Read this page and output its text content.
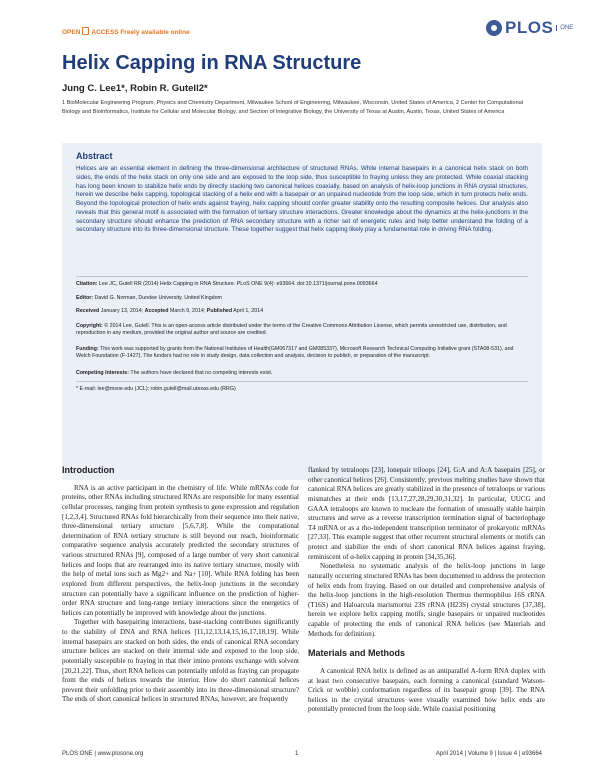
OPEN ACCESS Freely available online	PLOS	ONE
Helix Capping in RNA Structure
Jung C. Lee1*, Robin R. Gutell2*
1 BioMolecular Engineering Program, Physics and Chemistry Department, Milwaukee School of Engineering, Milwaukee, Wisconsin, United States of America, 2 Center for Computational Biology and Bioinformatics, Institute for Cellular and Molecular Biology, and Section of Integrative Biology, the University of Texas at Austin, Austin, Texas, United States of America
Abstract

Helices are an essential element in defining the three-dimensional architecture of structured RNAs. While internal basepairs in a canonical helix stack on both sides, the ends of the helix stack on only one side and are exposed to the loop side, thus susceptible to fraying unless they are protected. While coaxial stacking has long been known to stabilize helix ends by directly stacking two canonical helices coaxially, based on analysis of helix-loop junctions in RNA crystal structures, herein we describe helix capping, topological stacking of a helix end with a basepair or an unpaired nucleotide from the loop side, which in turn protects helix ends. Beyond the topological protection of helix ends against fraying, helix capping should confer greater stability onto the resulting composite helices. Our analysis also reveals that this general motif is associated with the formation of tertiary structure interactions. Greater knowledge about the dynamics at the helix-junctions in the secondary structure should enhance the prediction of RNA secondary structure with a richer set of energetic rules and help better understand the folding of a secondary structure into its three-dimensional structure. These together suggest that helix capping likely play a fundamental role in driving RNA folding.

Citation: Lee JC, Gutell RR (2014) Helix Capping in RNA Structure. PLoS ONE 9(4): e93664. doi:10.1371/journal.pone.0093664

Editor: David G. Norman, Dundee University, United Kingdom

Received January 13, 2014; Accepted March 9, 2014; Published April 1, 2014

Copyright: © 2014 Lee, Gutell. This is an open-access article distributed under the terms of the Creative Commons Attribution License, which permits unrestricted use, distribution, and reproduction in any medium, provided the original author and source are credited.

Funding: This work was supported by grants from the National Institutes of Health(GM067317 and GM085337), Microsoft Research Technical Computing Initiative grant (STA08-531), and Welch Foundation (F-1427). The funders had no role in study design, data collection and analysis, decision to publish, or preparation of the manuscript.

Competing Interests: The authors have declared that no competing interests exist.

* E-mail: lee@msoe.edu (JCL); robin.gutell@mail.utexas.edu (RRG)

Introduction

RNA is an active participant in the chemistry of life. While mRNAs code for proteins, other RNAs including structured RNAs are responsible for many essential cellular processes, ranging from protein synthesis to gene expression and regulation [1,2,3,4]. Structured RNAs fold hierarchically from their sequence into their native, three-dimensional tertiary structure [5,6,7,8]. While the computational determination of RNA tertiary structure is still beyond our reach, bioinformatic comparative sequence analysis accurately predicted the secondary structures of various structured RNAs [9], composed of a large number of very short canonical helices and loops that are rearranged into its native tertiary structure, mostly with the help of metal ions such as Mg2+ and Na+ [10]. While RNA folding has been explored from different perspectives, the helix-loop junctions in the secondary structure can potentially have a significant influence on the prediction of higher-order RNA structure and long-range tertiary interactions since the energetics of helices can potentially be improved with knowledge about the junctions.

Together with basepairing interactions, base-stacking contributes significantly to the stability of DNA and RNA helices [11,12,13,14,15,16,17,18,19]. While internal basepairs are stacked on both sides, the ends of canonical RNA secondary structure helices are stacked on their internal side and exposed to the loop side, potentially susceptible to fraying in that their imino protons exchange with solvent [20,21,22]. Thus, short RNA helices can potentially unfold as fraying can propagate from the ends of helices towards the interior. How do short canonical helices prevent their unfolding prior to their assembly into its three-dimensional structure? The ends of short canonical helices in structured RNAs, however, are frequently

flanked by tetraloops [23], lonepair triloops [24], G:A and A:A basepairs [25], or other canonical helices [26]. Consistently, previous melting studies have shown that canonical RNA helices are greatly stabilized in the presence of tetraloops or various mismatches at their ends [13,17,27,28,29,30,31,32]. In particular, UUCG and GAAA tetraloops are known to nucleate the formation of unusually stable hairpin structures and serve as a reverse transcription termination signal of bacteriophage T4 mRNA or as a rho-independent transcription terminator of prokaryotic mRNAs [27,33]. This example suggest that other recurrent structural elements or motifs can protect and stabilize the ends of short canonical RNA helices against fraying, reminiscent of α-helix capping in protein [34,35,36].

Nonetheless no systematic analysis of the helix-loop junctions in large naturally occurring structured RNAs has been documented to address the protection of helix ends from fraying. Based on our detailed and comprehensive analysis of the helix-loop junctions in the high-resolution Thermus thermophilus 16S rRNA (T16S) and Haloarcula marismortui 23S rRNA (H23S) crystal structures [37,38], herein we explore helix capping motifs, single basepairs or unpaired nucleotides capable of protecting the ends of canonical RNA helices (see Materials and Methods for definition).

Materials and Methods

A canonical RNA helix is defined as an antiparallel A-form RNA duplex with at least two consecutive basepairs, each forming a canonical (standard Watson-Crick or wobble) conformation regardless of its basepair group [39]. The RNA helices in the crystal structures were visually examined how helix ends are potentially protected from the loop side. While coaxial positioning

PLOS ONE | www.plosone.org	1	April 2014 | Volume 9 | Issue 4 | e93664
